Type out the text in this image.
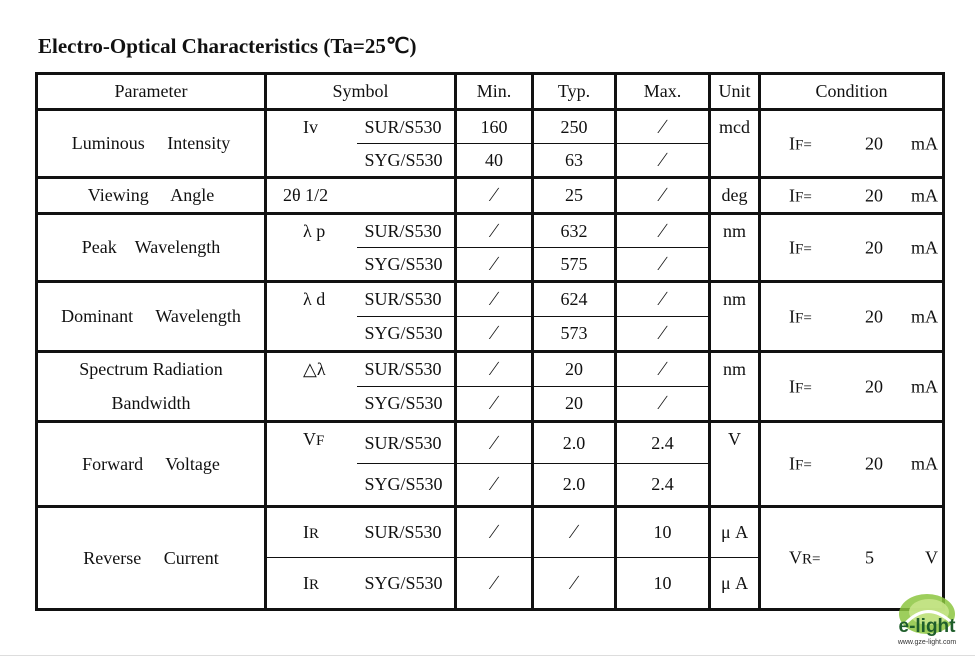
Electro-Optical Characteristics (Ta=25℃)
Parameter	Symbol		Min.	Typ.	Max.	Unit	Condition
Luminous  Intensity	Iv	SUR/S530	160	250	∕	mcd	IF= 20 mA

		SYG/S530	40	63	∕		
Viewing  Angle	2θ 1/2		∕	25	∕	deg	IF= 20 mA

Peak Wavelength	λ p	SUR/S530	∕	632	∕	nm	IF= 20 mA

		SYG/S530	∕	575	∕		
Dominant  Wavelength	λ d	SUR/S530	∕	624	∕	nm	IF= 20 mA

		SYG/S530	∕	573	∕		
Spectrum Radiation	△λ	SUR/S530	∕	20	∕	nm	IF= 20 mA

Bandwidth		SYG/S530	∕	20	∕		
Forward  Voltage	VF	SUR/S530	∕	2.0	2.4	V	IF= 20 mA

		SYG/S530	∕	2.0	2.4		
Reverse  Current	IR	SUR/S530	∕	∕	10	μ A	VR= 5 V

	IR	SYG/S530	∕	∕	10	μ A	
e-light
www.gze-light.com
